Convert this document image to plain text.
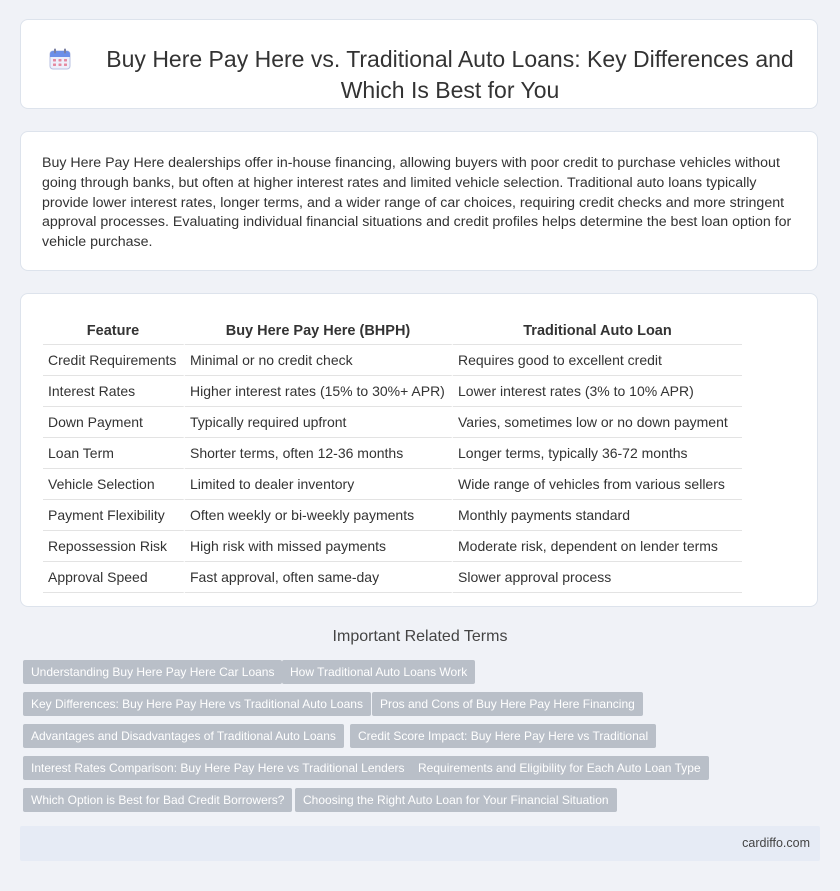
Buy Here Pay Here vs. Traditional Auto Loans: Key Differences and Which Is Best for You

Buy Here Pay Here dealerships offer in-house financing, allowing buyers with poor credit to purchase vehicles without going through banks, but often at higher interest rates and limited vehicle selection. Traditional auto loans typically provide lower interest rates, longer terms, and a wider range of car choices, requiring credit checks and more stringent approval processes. Evaluating individual financial situations and credit profiles helps determine the best loan option for vehicle purchase.

Feature	Buy Here Pay Here (BHPH)	Traditional Auto Loan
Credit Requirements	Minimal or no credit check	Requires good to excellent credit
Interest Rates	Higher interest rates (15% to 30%+ APR)	Lower interest rates (3% to 10% APR)
Down Payment	Typically required upfront	Varies, sometimes low or no down payment
Loan Term	Shorter terms, often 12-36 months	Longer terms, typically 36-72 months
Vehicle Selection	Limited to dealer inventory	Wide range of vehicles from various sellers
Payment Flexibility	Often weekly or bi-weekly payments	Monthly payments standard
Repossession Risk	High risk with missed payments	Moderate risk, dependent on lender terms
Approval Speed	Fast approval, often same-day	Slower approval process
Important Related Terms
Understanding Buy Here Pay Here Car Loans	How Traditional Auto Loans Work
Key Differences: Buy Here Pay Here vs Traditional Auto Loans	Pros and Cons of Buy Here Pay Here Financing
Advantages and Disadvantages of Traditional Auto Loans	Credit Score Impact: Buy Here Pay Here vs Traditional
Interest Rates Comparison: Buy Here Pay Here vs Traditional Lenders	Requirements and Eligibility for Each Auto Loan Type
Which Option is Best for Bad Credit Borrowers?	Choosing the Right Auto Loan for Your Financial Situation
cardiffo.com
